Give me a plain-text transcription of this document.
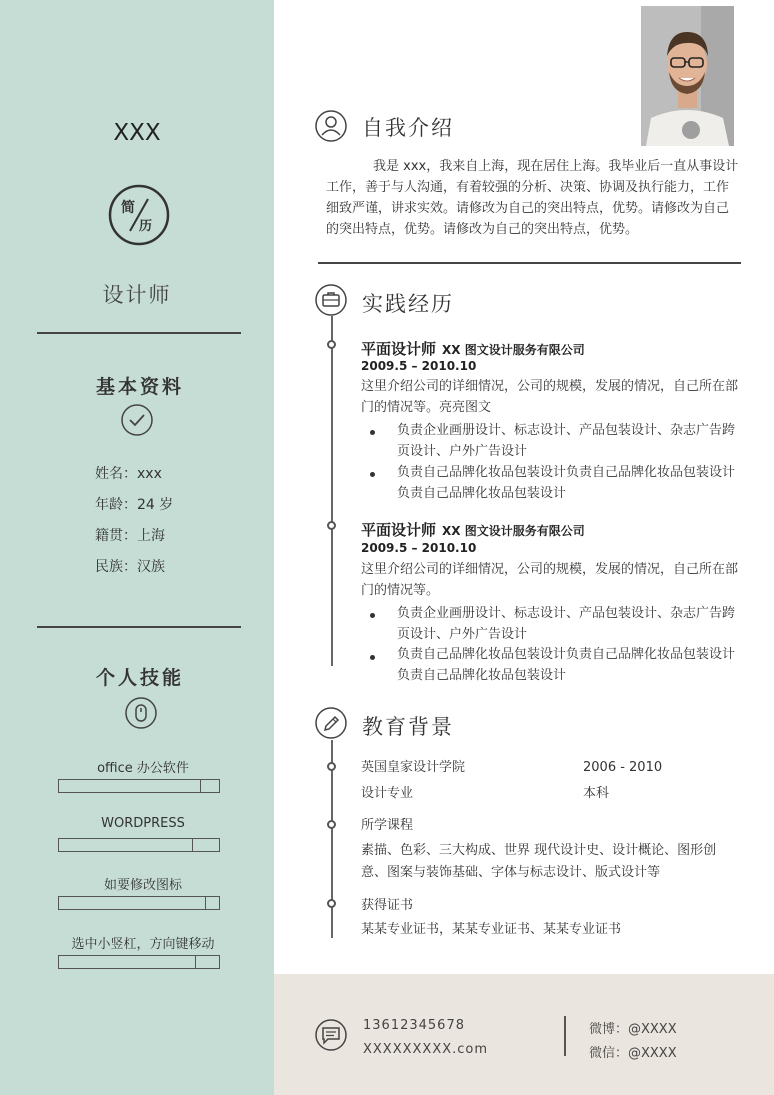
XXX
简
历
设计师
基本资料
姓名：xxx
年龄：24 岁
籍贯：上海
民族：汉族
个人技能
office 办公软件
WORDPRESS
如要修改图标
选中小竖杠，方向键移动
自我介绍
我是 xxx，我来自上海，现在居住上海。我毕业后一直从事设计工作，善于与人沟通，有着较强的分析、决策、协调及执行能力，工作细致严谨，讲求实效。请修改为自己的突出特点，优势。请修改为自己的突出特点，优势。请修改为自己的突出特点，优势。
实践经历
平面设计师 XX 图文设计服务有限公司
2009.5 – 2010.10
这里介绍公司的详细情况，公司的规模，发展的情况，自己所在部门的情况等。亮亮图文
负责企业画册设计、标志设计、产品包装设计、杂志广告跨页设计、户外广告设计
负责自己品牌化妆品包装设计负责自己品牌化妆品包装设计负责自己品牌化妆品包装设计
平面设计师 XX 图文设计服务有限公司
2009.5 – 2010.10
这里介绍公司的详细情况，公司的规模，发展的情况，自己所在部门的情况等。
负责企业画册设计、标志设计、产品包装设计、杂志广告跨页设计、户外广告设计
负责自己品牌化妆品包装设计负责自己品牌化妆品包装设计负责自己品牌化妆品包装设计
教育背景
英国皇家设计学院	2006 - 2010
设计专业	本科
所学课程
素描、色彩、三大构成、世界 现代设计史、设计概论、图形创意、图案与装饰基础、字体与标志设计、版式设计等
获得证书
某某专业证书，某某专业证书、某某专业证书
13612345678
XXXXXXXXX.com
微博：@XXXX
微信：@XXXX
